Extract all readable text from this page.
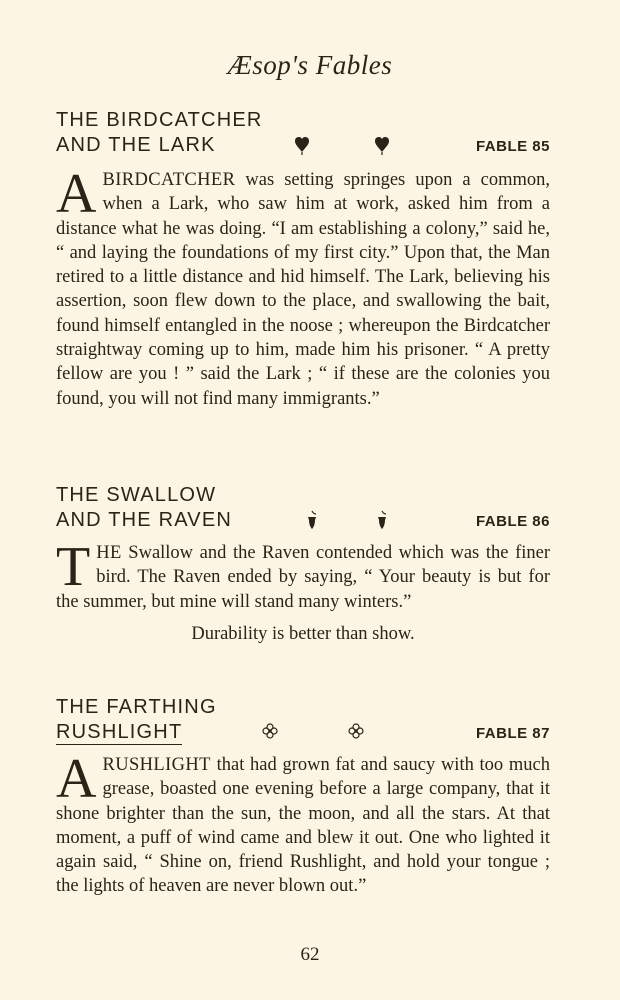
Æsop's Fables
THE BIRDCATCHER
AND THE LARK	FABLE 85

ABIRDCATCHER was setting springes upon a common, when a Lark, who saw him at work, asked him from a distance what he was doing. “I am establishing a colony,” said he, “ and laying the foundations of my first city.” Upon that, the Man retired to a little distance and hid himself. The Lark, believing his assertion, soon flew down to the place, and swallowing the bait, found himself entangled in the noose ; whereupon the Birdcatcher straightway coming up to him, made him his prisoner. “ A pretty fellow are you ! ” said the Lark ; “ if these are the colonies you found, you will not find many immigrants.”

THE SWALLOW
AND THE RAVEN	FABLE 86

THE Swallow and the Raven contended which was the finer bird. The Raven ended by saying, “ Your beauty is but for the summer, but mine will stand many winters.”

Durability is better than show.
THE FARTHING
RUSHLIGHT	FABLE 87

ARUSHLIGHT that had grown fat and saucy with too much grease, boasted one evening before a large company, that it shone brighter than the sun, the moon, and all the stars. At that moment, a puff of wind came and blew it out. One who lighted it again said, “ Shine on, friend Rushlight, and hold your tongue ; the lights of heaven are never blown out.”

62
